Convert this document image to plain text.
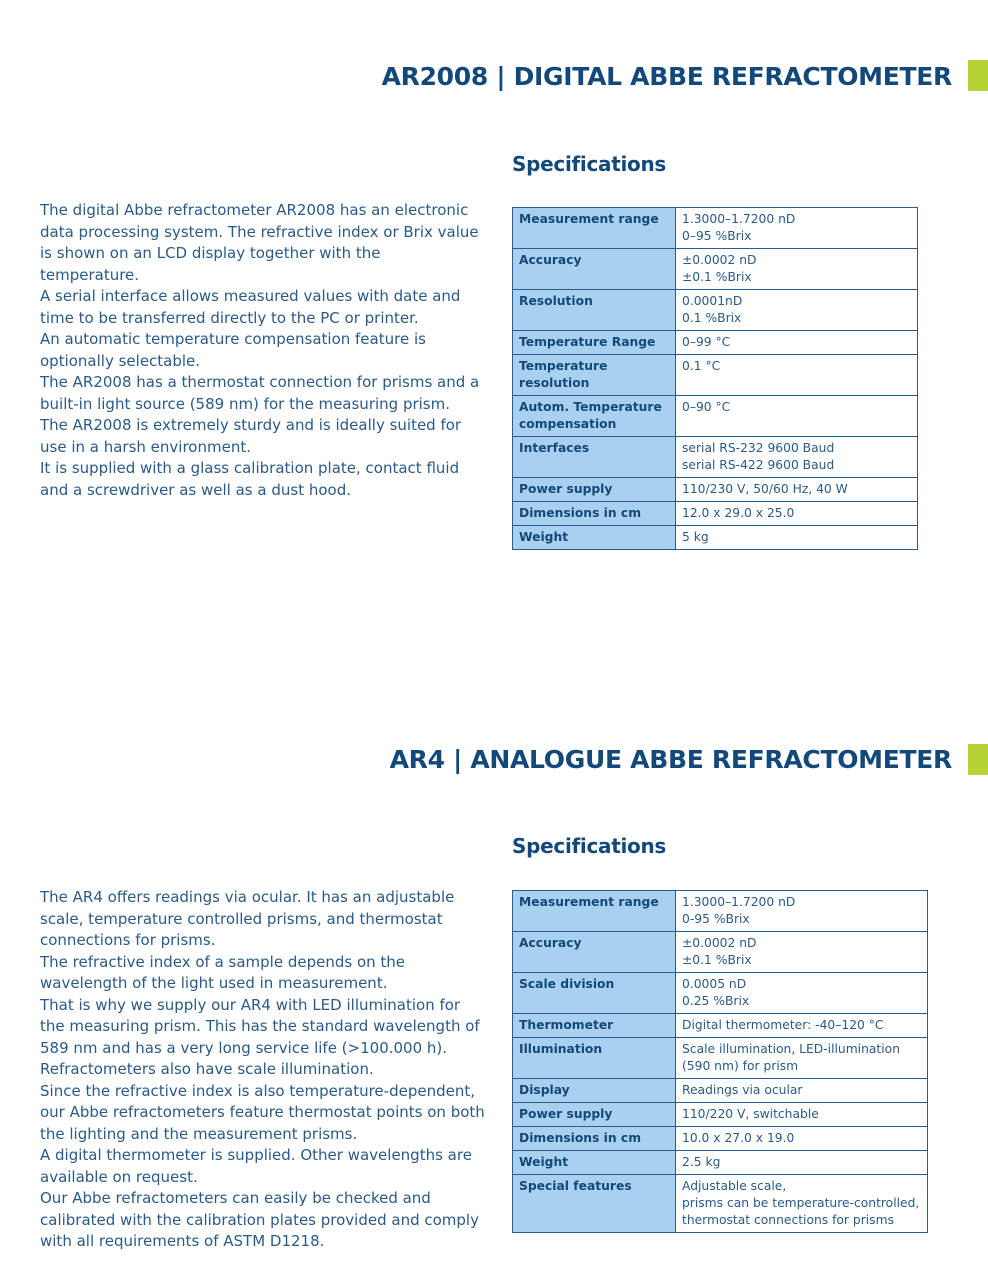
AR2008 | DIGITAL ABBE REFRACTOMETER
Specifications

The digital Abbe refractometer AR2008 has an electronic data processing system. The refractive index or Brix value is shown on an LCD display together with the temperature.

A serial interface allows measured values with date and time to be transferred directly to the PC or printer.

An automatic temperature compensation feature is optionally selectable.

The AR2008 has a thermostat connection for prisms and a built-in light source (589 nm) for the measuring prism.

The AR2008 is extremely sturdy and is ideally suited for use in a harsh environment.

It is supplied with a glass calibration plate, contact fluid and a screwdriver as well as a dust hood.

Measurement range	1.3000–1.7200 nD
0–95 %Brix

Accuracy	±0.0002 nD
±0.1 %Brix

Resolution	0.0001nD
0.1 %Brix

Temperature Range	0–99 °C

Temperature resolution	0.1 °C

Autom. Temperature compensation	0–90 °C

Interfaces	serial RS-232 9600 Baud
serial RS-422 9600 Baud

Power supply	110/230 V, 50/60 Hz, 40 W

Dimensions in cm	12.0 x 29.0 x 25.0

Weight	5 kg
AR4 | ANALOGUE ABBE REFRACTOMETER
Specifications

The AR4 offers readings via ocular. It has an adjustable scale, temperature controlled prisms, and thermostat connections for prisms.

The refractive index of a sample depends on the wavelength of the light used in measurement.

That is why we supply our AR4 with LED illumination for the measuring prism. This has the standard wavelength of 589 nm and has a very long service life (>100.000 h). Refractometers also have scale illumination.

Since the refractive index is also temperature-dependent, our Abbe refractometers feature thermostat points on both the lighting and the measurement prisms.

A digital thermometer is supplied. Other wavelengths are available on request.

Our Abbe refractometers can easily be checked and calibrated with the calibration plates provided and comply with all requirements of ASTM D1218.

Measurement range	1.3000–1.7200 nD
0-95 %Brix

Accuracy	±0.0002 nD
±0.1 %Brix

Scale division	0.0005 nD
0.25 %Brix

Thermometer	Digital thermometer: -40–120 °C

Illumination	Scale illumination, LED-illumination
(590 nm) for prism

Display	Readings via ocular

Power supply	110/220 V, switchable

Dimensions in cm	10.0 x 27.0 x 19.0

Weight	2.5 kg

Special features	Adjustable scale,
prisms can be temperature-controlled,
thermostat connections for prisms
